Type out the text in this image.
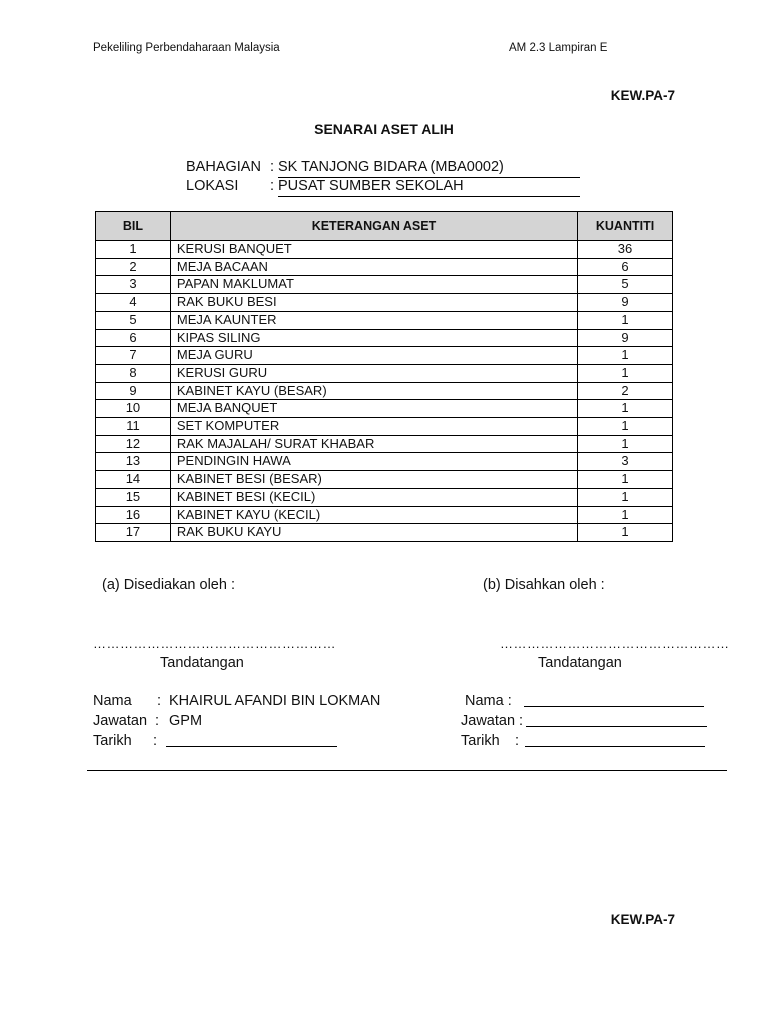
Pekeliling Perbendaharaan Malaysia	AM 2.3 Lampiran E
KEW.PA-7
SENARAI ASET ALIH
BAHAGIAN : SK TANJONG BIDARA (MBA0002)
LOKASI : PUSAT SUMBER SEKOLAH
BIL	KETERANGAN ASET	KUANTITI
1	KERUSI BANQUET	36
2	MEJA BACAAN	6
3	PAPAN MAKLUMAT	5
4	RAK BUKU BESI	9
5	MEJA KAUNTER	1
6	KIPAS SILING	9
7	MEJA GURU	1
8	KERUSI GURU	1
9	KABINET KAYU (BESAR)	2
10	MEJA BANQUET	1
11	SET KOMPUTER	1
12	RAK MAJALAH/ SURAT KHABAR	1
13	PENDINGIN HAWA	3
14	KABINET BESI (BESAR)	1
15	KABINET BESI (KECIL)	1
16	KABINET KAYU (KECIL)	1
17	RAK BUKU KAYU	1
(a) Disediakan oleh :	(b) Disahkan oleh :
………………………………………………	……………………………………………
Tandatangan	Tandatangan
Nama : KHAIRUL AFANDI BIN LOKMAN
Jawatan : GPM
Tarikh :
Nama :
Jawatan :
Tarikh :
KEW.PA-7
